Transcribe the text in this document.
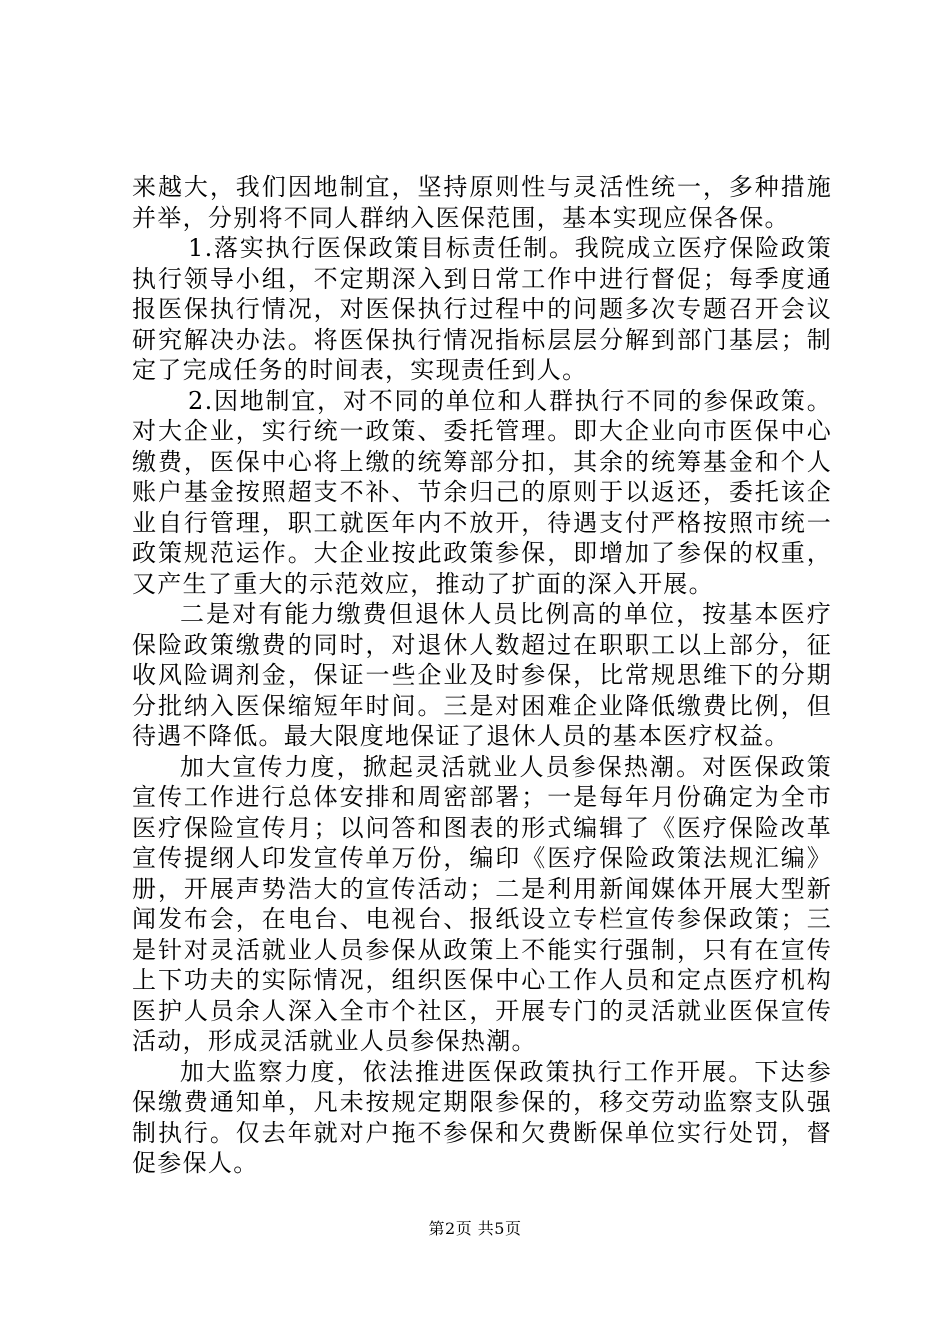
来越大，我们因地制宜，坚持原则性与灵活性统一，多种措施并举，分别将不同人群纳入医保范围，基本实现应保各保。

1.落实执行医保政策目标责任制。我院成立医疗保险政策执行领导小组，不定期深入到日常工作中进行督促；每季度通报医保执行情况，对医保执行过程中的问题多次专题召开会议研究解决办法。将医保执行情况指标层层分解到部门基层；制定了完成任务的时间表，实现责任到人。

2.因地制宜，对不同的单位和人群执行不同的参保政策。对大企业，实行统一政策、委托管理。即大企业向市医保中心缴费，医保中心将上缴的统筹部分扣，其余的统筹基金和个人账户基金按照超支不补、节余归己的原则于以返还，委托该企业自行管理，职工就医年内不放开，待遇支付严格按照市统一政策规范运作。大企业按此政策参保，即增加了参保的权重，又产生了重大的示范效应，推动了扩面的深入开展。

二是对有能力缴费但退休人员比例高的单位，按基本医疗保险政策缴费的同时，对退休人数超过在职职工以上部分，征收风险调剂金，保证一些企业及时参保，比常规思维下的分期分批纳入医保缩短年时间。三是对困难企业降低缴费比例，但待遇不降低。最大限度地保证了退休人员的基本医疗权益。

加大宣传力度，掀起灵活就业人员参保热潮。对医保政策宣传工作进行总体安排和周密部署；一是每年月份确定为全市医疗保险宣传月；以问答和图表的形式编辑了《医疗保险改革宣传提纲人印发宣传单万份，编印《医疗保险政策法规汇编》册，开展声势浩大的宣传活动；二是利用新闻媒体开展大型新闻发布会，在电台、电视台、报纸设立专栏宣传参保政策；三是针对灵活就业人员参保从政策上不能实行强制，只有在宣传上下功夫的实际情况，组织医保中心工作人员和定点医疗机构医护人员余人深入全市个社区，开展专门的灵活就业医保宣传活动，形成灵活就业人员参保热潮。

加大监察力度，依法推进医保政策执行工作开展。下达参保缴费通知单，凡未按规定期限参保的，移交劳动监察支队强制执行。仅去年就对户拖不参保和欠费断保单位实行处罚，督促参保人。

第2页 共5页
